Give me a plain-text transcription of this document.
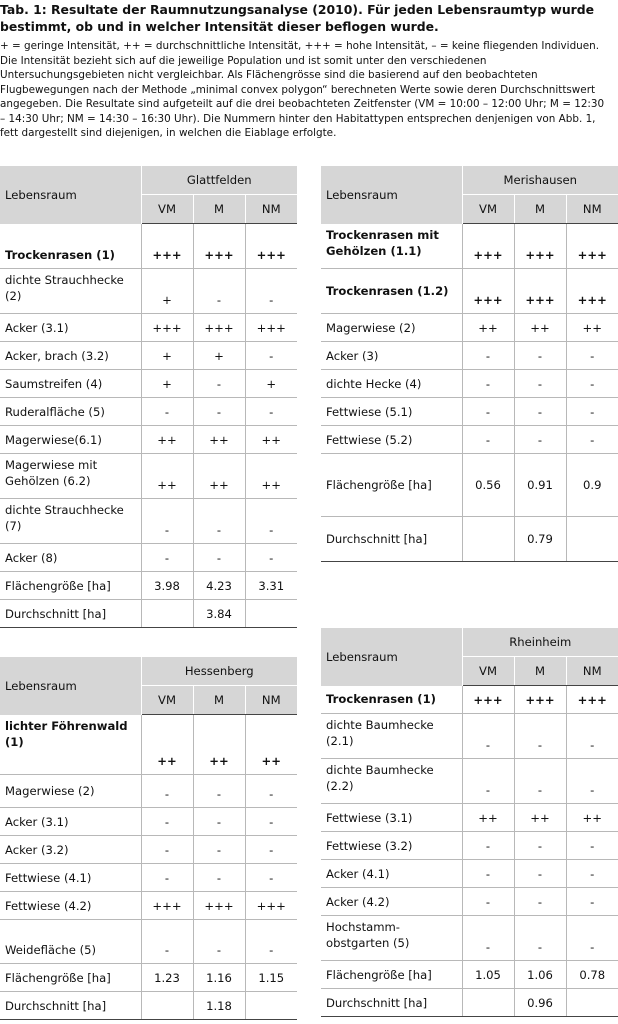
Tab. 1: Resultate der Raumnutzungsanalyse (2010). Für jeden Lebensraumtyp wurde bestimmt, ob und in welcher Intensität dieser beflogen wurde.

+ = geringe Intensität, ++ = durchschnittliche Intensität, +++ = hohe Intensität, – = keine fliegenden Individuen. Die Intensität bezieht sich auf die jeweilige Population und ist somit unter den verschiedenen Untersuchungsgebieten nicht vergleichbar. Als Flächengrösse sind die basierend auf den beobachteten Flugbewegungen nach der Methode „minimal convex polygon“ berechneten Werte sowie deren Durchschnittswert angegeben. Die Resultate sind aufgeteilt auf die drei beobachteten Zeitfenster (VM = 10:00 – 12:00 Uhr; M = 12:30 – 14:30 Uhr; NM = 14:30 – 16:30 Uhr). Die Nummern hinter den Habitattypen entsprechen denjenigen von Abb. 1, fett dargestellt sind diejenigen, in welchen die Eiablage erfolgte.

Lebensraum	Glattfelden		
	VM	M	NM
Trockenrasen (1)	+++	+++	+++
dichte Strauchhecke (2)	+	-	-
Acker (3.1)	+++	+++	+++
Acker, brach (3.2)	+	+	-
Saumstreifen (4)	+	-	+
Ruderalfläche (5)	-	-	-
Magerwiese(6.1)	++	++	++
Magerwiese mit Gehölzen (6.2)	++	++	++
dichte Strauchhecke (7)	-	-	-
Acker (8)	-	-	-
Flächengröße [ha]	3.98	4.23	3.31
Durchschnitt [ha]		3.84	
Lebensraum	Merishausen		
	VM	M	NM
Trockenrasen mit Gehölzen (1.1)	+++	+++	+++
Trockenrasen (1.2)	+++	+++	+++
Magerwiese (2)	++	++	++
Acker (3)	-	-	-
dichte Hecke (4)	-	-	-
Fettwiese (5.1)	-	-	-
Fettwiese (5.2)	-	-	-
Flächengröße [ha]	0.56	0.91	0.9
Durchschnitt [ha]		0.79	
Lebensraum	Hessenberg		
	VM	M	NM
lichter Föhrenwald (1)	++	++	++
Magerwiese (2)	-	-	-
Acker (3.1)	-	-	-
Acker (3.2)	-	-	-
Fettwiese (4.1)	-	-	-
Fettwiese (4.2)	+++	+++	+++
Weidefläche (5)	-	-	-
Flächengröße [ha]	1.23	1.16	1.15
Durchschnitt [ha]		1.18	
Lebensraum	Rheinheim		
	VM	M	NM
Trockenrasen (1)	+++	+++	+++
dichte Baumhecke (2.1)	-	-	-
dichte Baumhecke (2.2)	-	-	-
Fettwiese (3.1)	++	++	++
Fettwiese (3.2)	-	-	-
Acker (4.1)	-	-	-
Acker (4.2)	-	-	-
Hochstamm-obstgarten (5)	-	-	-
Flächengröße [ha]	1.05	1.06	0.78
Durchschnitt [ha]		0.96	
